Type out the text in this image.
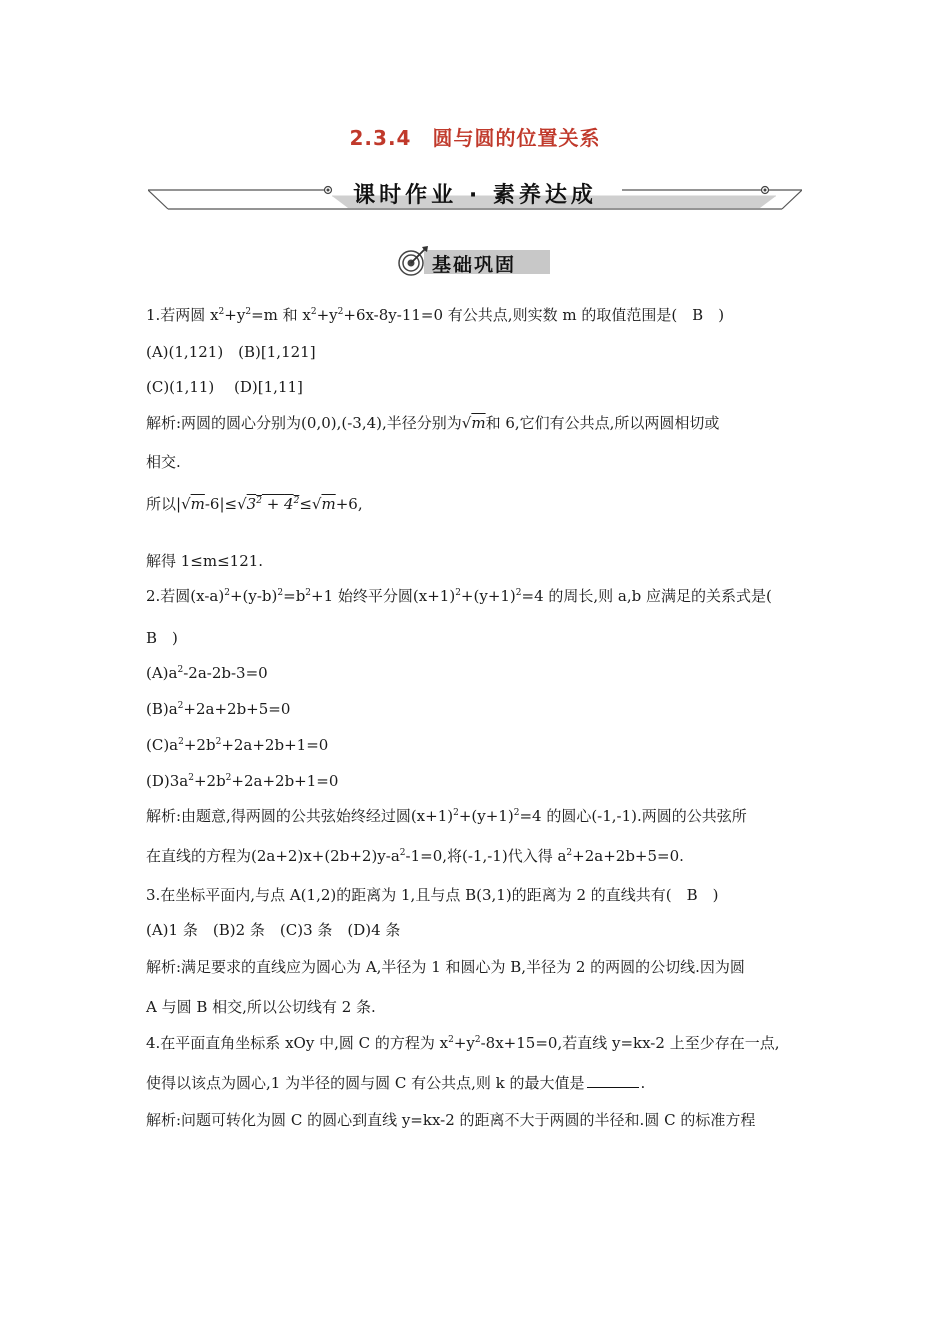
2.3.4　圆与圆的位置关系
课时作业 · 素养达成
基础巩固
1.若两圆 $x^2+y^2=m$ 和 $x^2+y^2+6x-8y-11=0$ 有公共点,则实数 m 的取值范围是(　B　)
(A)(1,121)　(B)[1,121]
(C)(1,11)　 (D)[1,11]
解析:两圆的圆心分别为(0,0),(-3,4),半径分别为√m和 6,它们有公共点,所以两圆相切或
相交.
所以$|√m-6|\le√3^2 + 4^2\le√m+6$,
解得 1≤m≤121.
2.若圆$(x-a)^2+(y-b)^2=b^2+1$ 始终平分圆$(x+1)^2+(y+1)^2=4$ 的周长,则 a,b 应满足的关系式是(
B　)
$(A)a^2-2a-2b-3=0$
$(B)a^2+2a+2b+5=0$
$(C)a^2+2b^2+2a+2b+1=0$
$(D)3a^2+2b^2+2a+2b+1=0$
解析:由题意,得两圆的公共弦始终经过圆$(x+1)^2+(y+1)^2=4$ 的圆心(-1,-1).两圆的公共弦所
在直线的方程为$(2a+2)x+(2b+2)y-a^2-1=0$,将(-1,-1)代入得 $a^2+2a+2b+5=0$.
3.在坐标平面内,与点 A(1,2)的距离为 1,且与点 B(3,1)的距离为 2 的直线共有(　B　)
(A)1 条　(B)2 条　(C)3 条　(D)4 条
解析:满足要求的直线应为圆心为 A,半径为 1 和圆心为 B,半径为 2 的两圆的公切线.因为圆
A 与圆 B 相交,所以公切线有 2 条.
4.在平面直角坐标系 xOy 中,圆 C 的方程为 $x^2+y^2-8x+15=0$,若直线 y=kx-2 上至少存在一点,
使得以该点为圆心,1 为半径的圆与圆 C 有公共点,则 k 的最大值是	.
解析:问题可转化为圆 C 的圆心到直线 y=kx-2 的距离不大于两圆的半径和.圆 C 的标准方程
